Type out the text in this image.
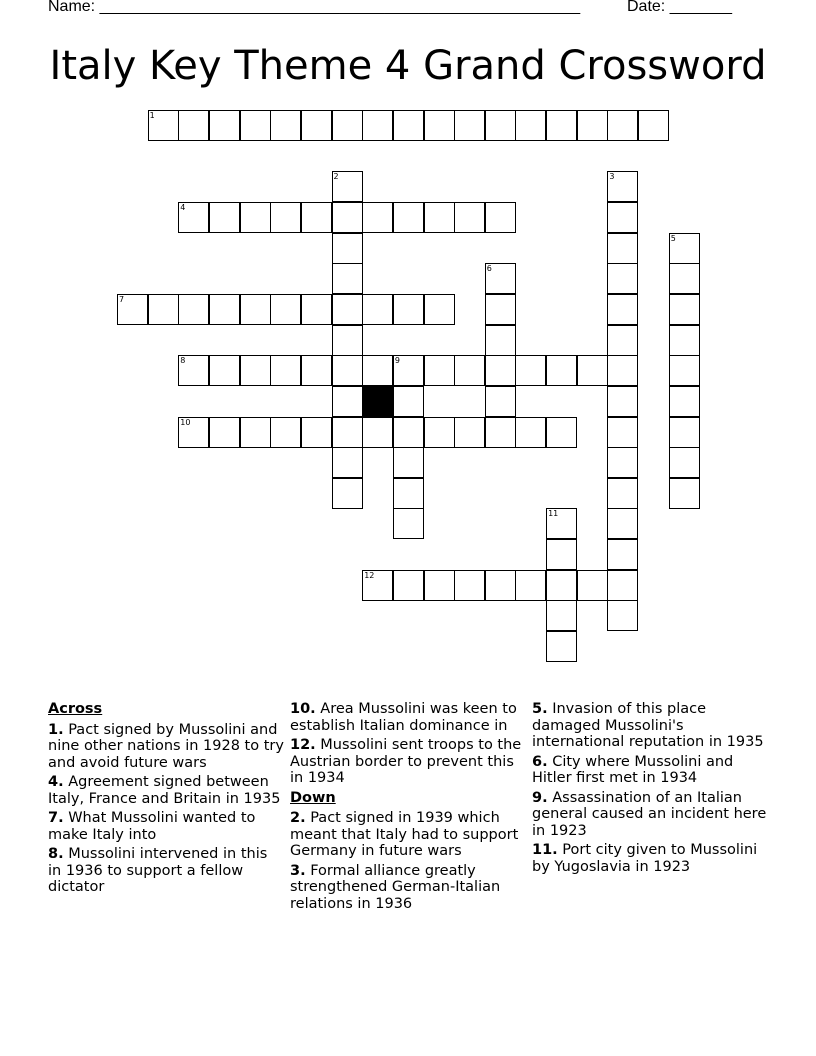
Name: ______________________________________________________	Date: _______
Italy Key Theme 4 Grand Crossword
1
2	3
4
5
6
7
8	9
10
11
12
Across
1. Pact signed by Mussolini and nine other nations in 1928 to try and avoid future wars
4. Agreement signed between Italy, France and Britain in 1935
7. What Mussolini wanted to make Italy into
8. Mussolini intervened in this in 1936 to support a fellow dictator
10. Area Mussolini was keen to establish Italian dominance in
12. Mussolini sent troops to the Austrian border to prevent this in 1934
Down
2. Pact signed in 1939 which meant that Italy had to support Germany in future wars
3. Formal alliance greatly strengthened German-Italian relations in 1936
5. Invasion of this place damaged Mussolini's international reputation in 1935
6. City where Mussolini and Hitler first met in 1934
9. Assassination of an Italian general caused an incident here in 1923
11. Port city given to Mussolini by Yugoslavia in 1923
